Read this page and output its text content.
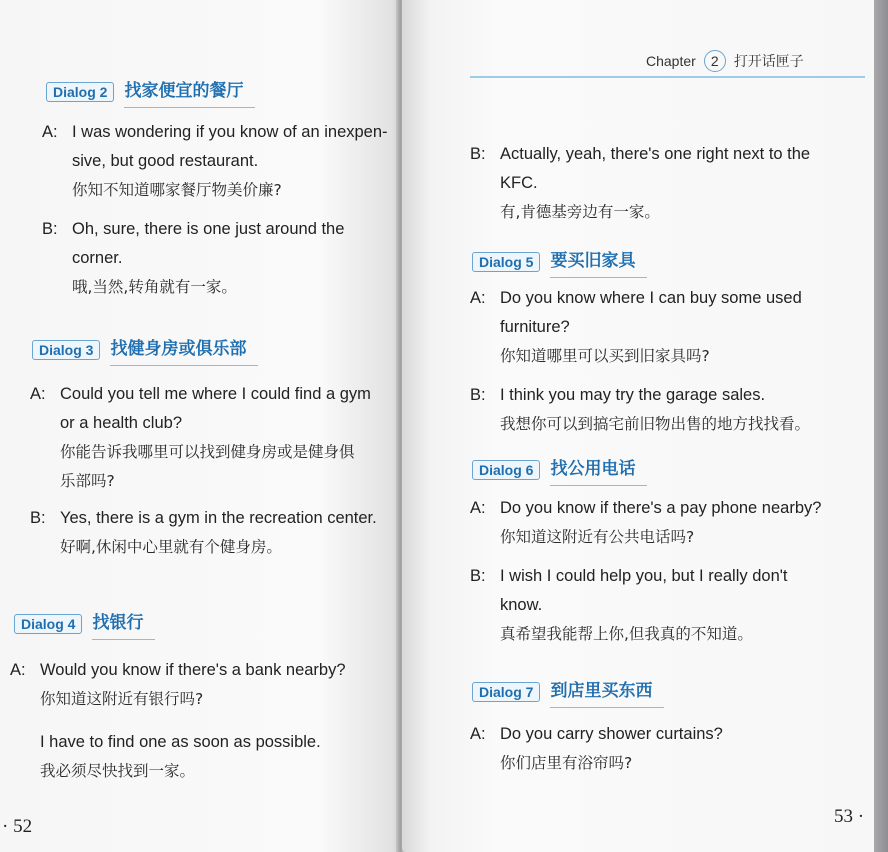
Dialog 2	找家便宜的餐厅
A: I was wondering if you know of an inexpen-
sive, but good restaurant.
你知不知道哪家餐厅物美价廉?
B: Oh, sure, there is one just around the
corner.
哦,当然,转角就有一家。
Dialog 3	找健身房或俱乐部
A: Could you tell me where I could find a gym
or a health club?
你能告诉我哪里可以找到健身房或是健身俱
乐部吗?
B: Yes, there is a gym in the recreation center.
好啊,休闲中心里就有个健身房。
Dialog 4	找银行
A: Would you know if there's a bank nearby?
你知道这附近有银行吗?
I have to find one as soon as possible.
我必须尽快找到一家。
· 52
Chapter	2	打开话匣子
B: Actually, yeah, there's one right next to the
KFC.
有,肯德基旁边有一家。
Dialog 5	要买旧家具
A: Do you know where I can buy some used
furniture?
你知道哪里可以买到旧家具吗?
B: I think you may try the garage sales.
我想你可以到搞宅前旧物出售的地方找找看。
Dialog 6	找公用电话
A: Do you know if there's a pay phone nearby?
你知道这附近有公共电话吗?
B: I wish I could help you, but I really don't
know.
真希望我能帮上你,但我真的不知道。
Dialog 7	到店里买东西
A: Do you carry shower curtains?
你们店里有浴帘吗?
53 ·
